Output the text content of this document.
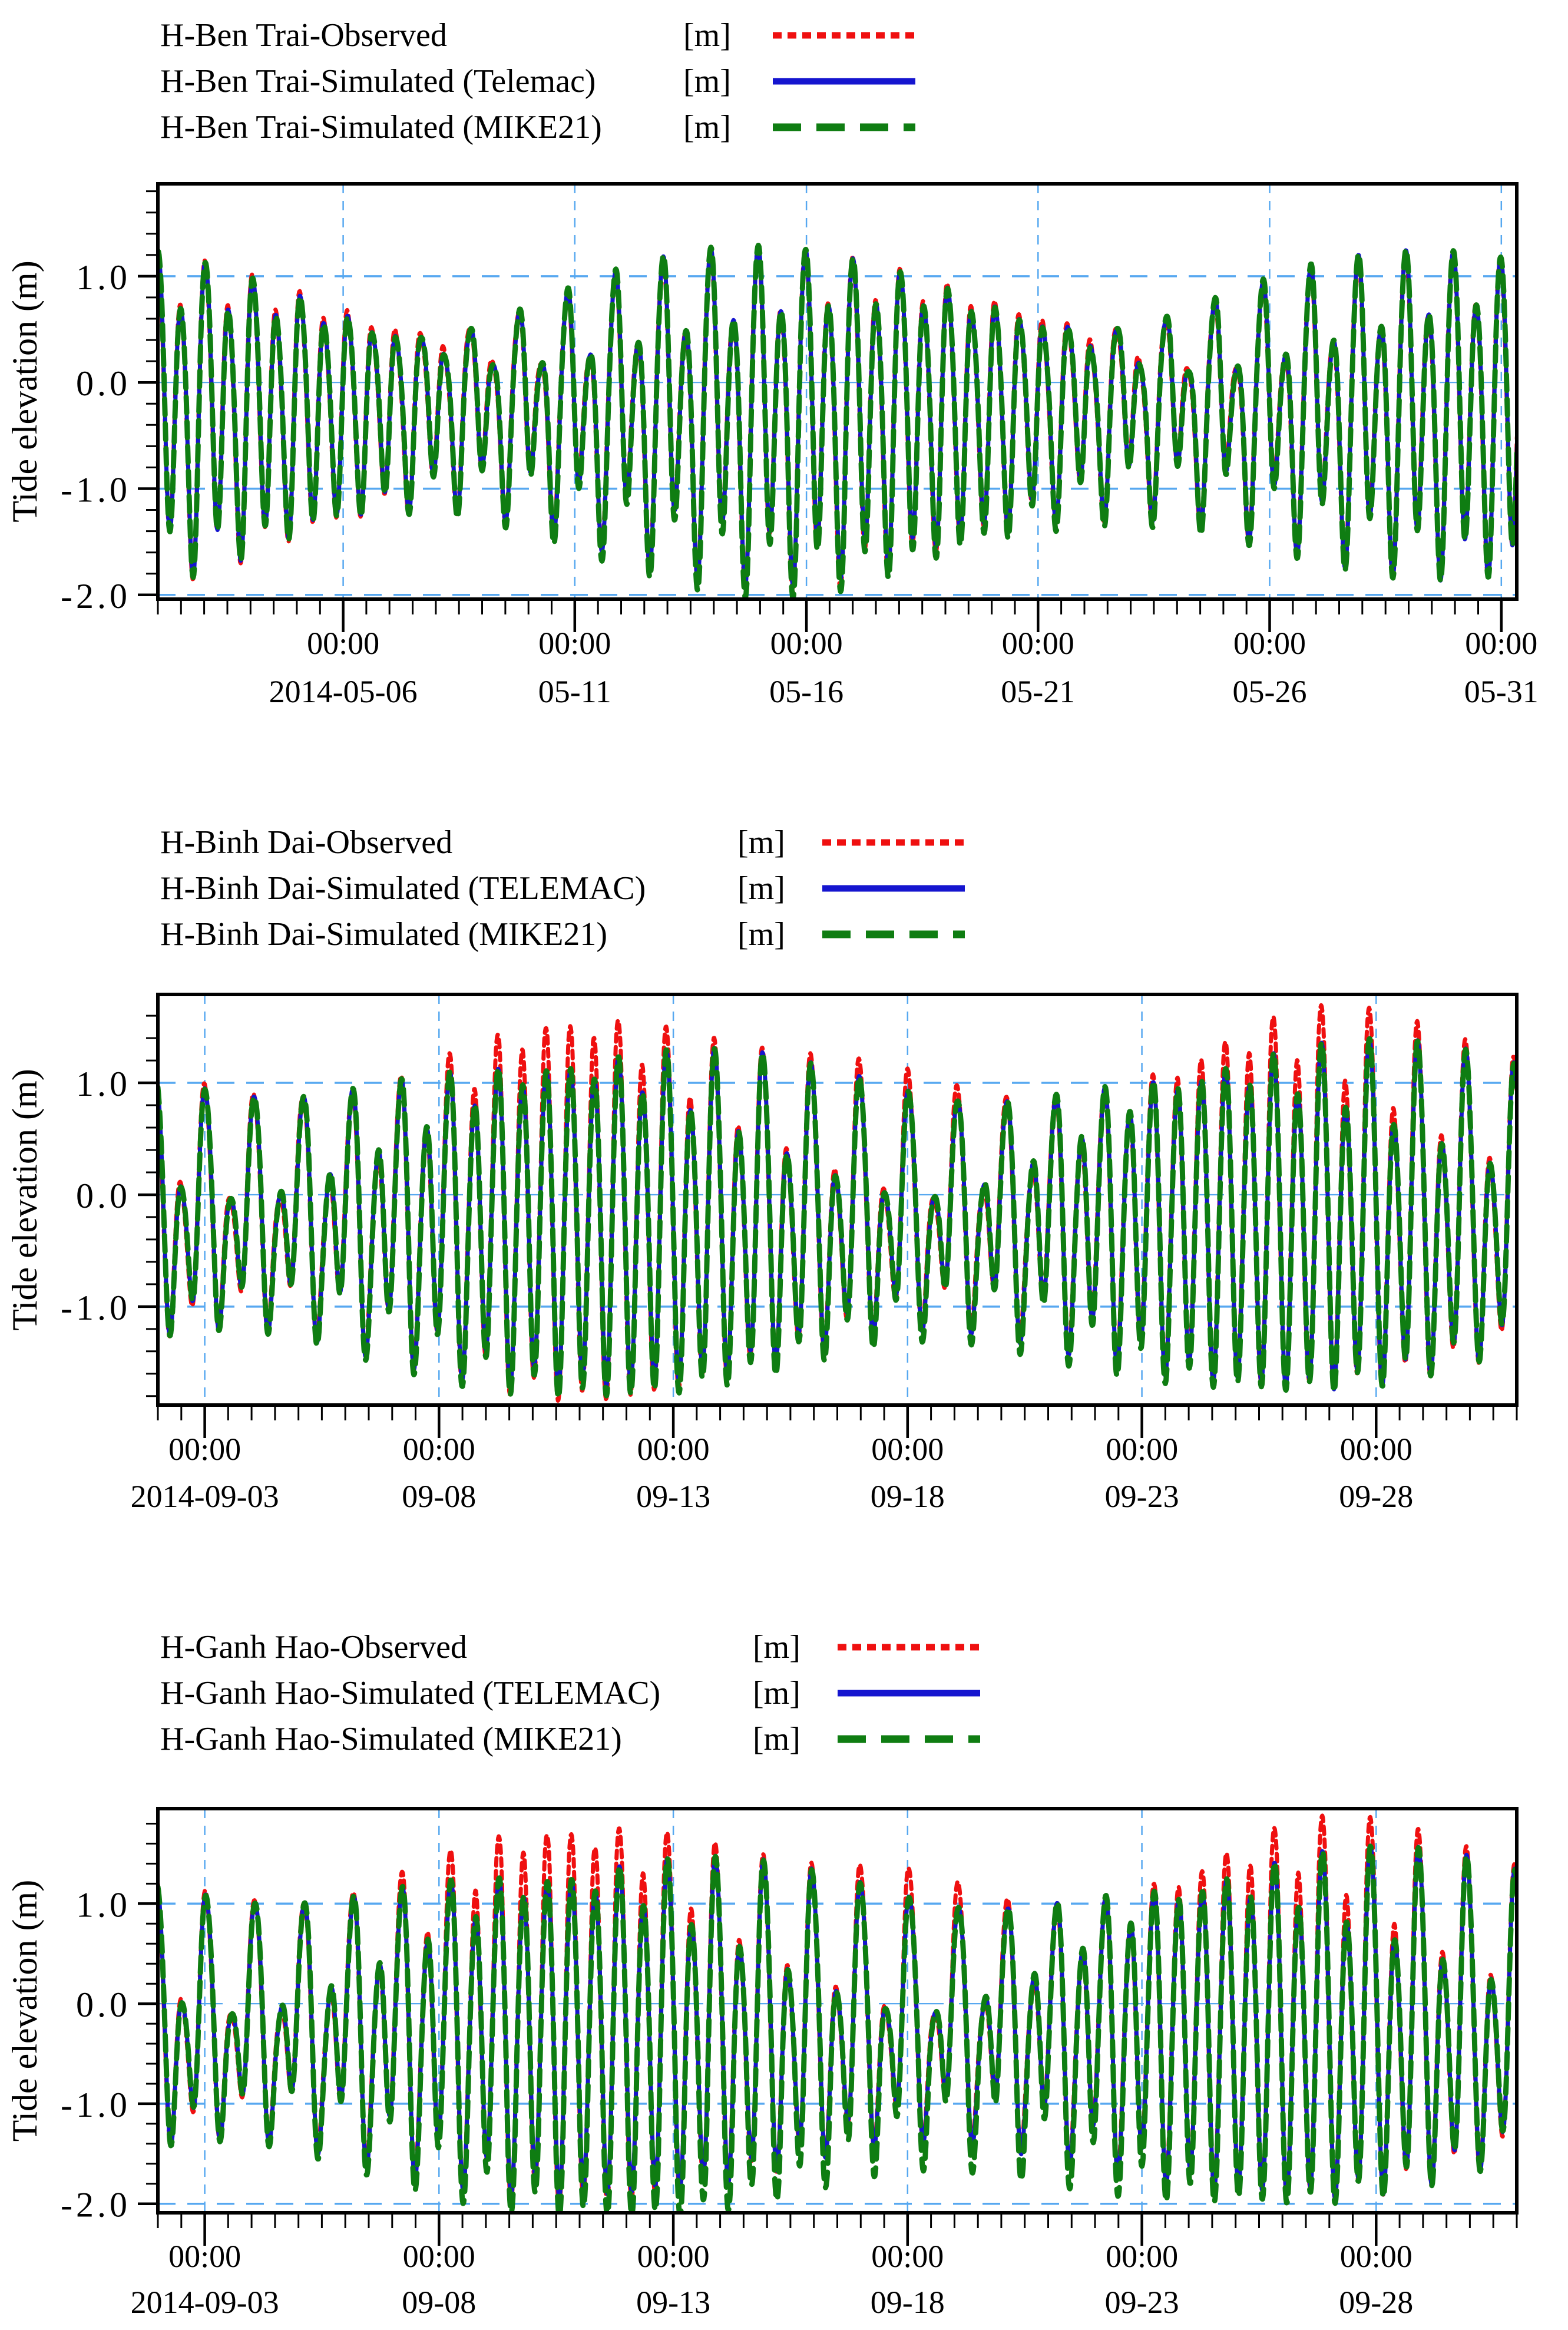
H-Ben Trai-Observed	[m]
H-Ben Trai-Simulated (Telemac)	[m]
H-Ben Trai-Simulated (MIKE21) [m]
H-Binh Dai-Observed	[m]
H-Binh Dai-Simulated (TELEMAC)	[m]
H-Binh Dai-Simulated (MIKE21)	[m]
H-Ganh Hao-Observed	[m]
H-Ganh Hao-Simulated (TELEMAC)	[m]
H-Ganh Hao-Simulated (MIKE21)	[m]
1.0
0.0
-1.0
-2.0
00:00
2014-05-06
00:00
05-11
00:00
05-16
00:00
05-21
00:00
05-26
00:00
05-31
Tide elevation (m)
1.0
0.0
-1.0
00:00
2014-09-03
00:00
09-08
00:00
09-13
00:00
09-18
00:00
09-23
00:00
09-28
Tide elevation (m)
1.0
0.0
-1.0
-2.0
00:00
2014-09-03
00:00
09-08
00:00
09-13
00:00
09-18
00:00
09-23
00:00
09-28
Tide elevation (m)
